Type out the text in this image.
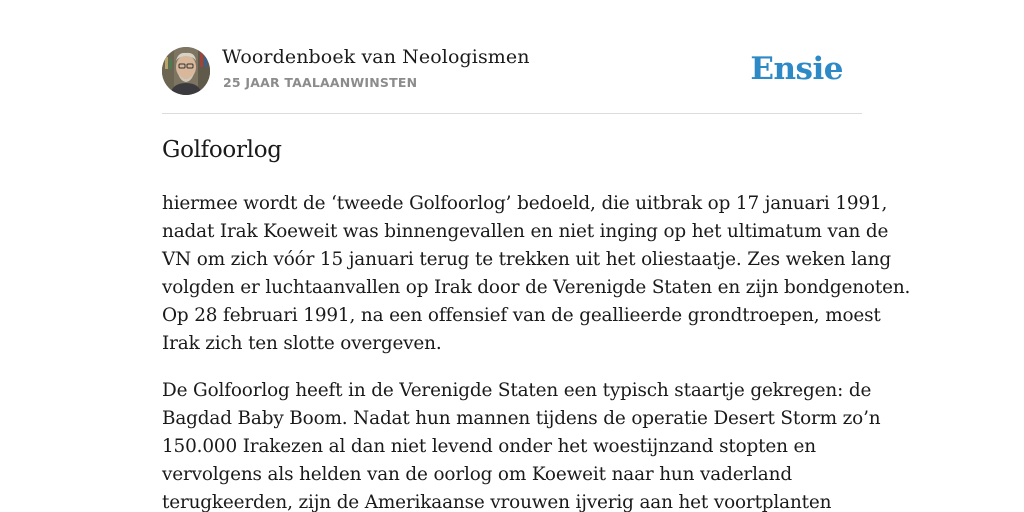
Woordenboek van Neologismen
25 JAAR TAALAANWINSTEN	Ensie
Golfoorlog

hiermee wordt de ‘tweede Golfoorlog’ bedoeld, die uitbrak op 17 januari 1991,
nadat Irak Koeweit was binnengevallen en niet inging op het ultimatum van de
VN om zich vóór 15 januari terug te trekken uit het oliestaatje. Zes weken lang
volgden er luchtaanvallen op Irak door de Verenigde Staten en zijn bondgenoten.
Op 28 februari 1991, na een offensief van de geallieerde grondtroepen, moest
Irak zich ten slotte overgeven.

De Golfoorlog heeft in de Verenigde Staten een typisch staartje gekregen: de
Bagdad Baby Boom. Nadat hun mannen tijdens de operatie Desert Storm zo’n
150.000 Irakezen al dan niet levend onder het woestijnzand stopten en
vervolgens als helden van de oorlog om Koeweit naar hun vaderland
terugkeerden, zijn de Amerikaanse vrouwen ijverig aan het voortplanten
